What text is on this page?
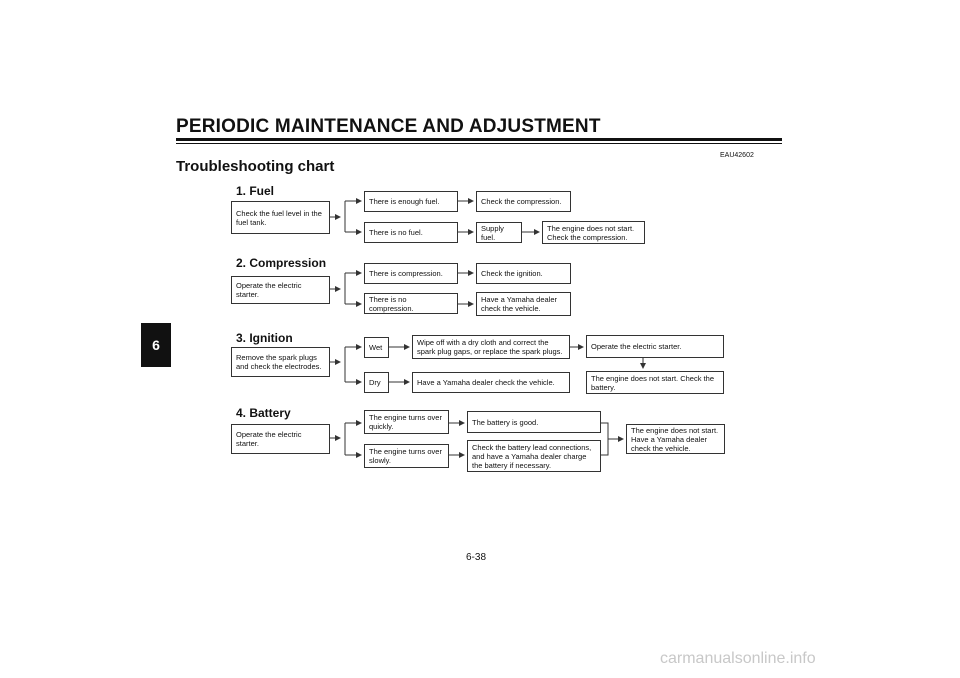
PERIODIC MAINTENANCE AND ADJUSTMENT
Troubleshooting chart
EAU42602
6
1. Fuel
Check the fuel level in the fuel tank.
There is enough fuel.	Check the compression.
There is no fuel.	Supply fuel.
The engine does not start. Check the compression.
2. Compression
Operate the electric starter.
There is compression.	Check the ignition.
There is no compression.
Have a Yamaha dealer check the vehicle.
3. Ignition
Remove the spark plugs and check the electrodes.
Wet
Wipe off with a dry cloth and correct the spark plug gaps, or replace the spark plugs.
Operate the electric starter.
Dry	Have a Yamaha dealer check the vehicle.	The engine does not start. Check the battery.
4. Battery
Operate the electric starter.
The engine turns over quickly.	The battery is good.
The engine turns over slowly.
Check the battery lead connections, and have a Yamaha dealer charge the battery if necessary.
The engine does not start. Have a Yamaha dealer check the vehicle.
6-38
carmanualsonline.info
